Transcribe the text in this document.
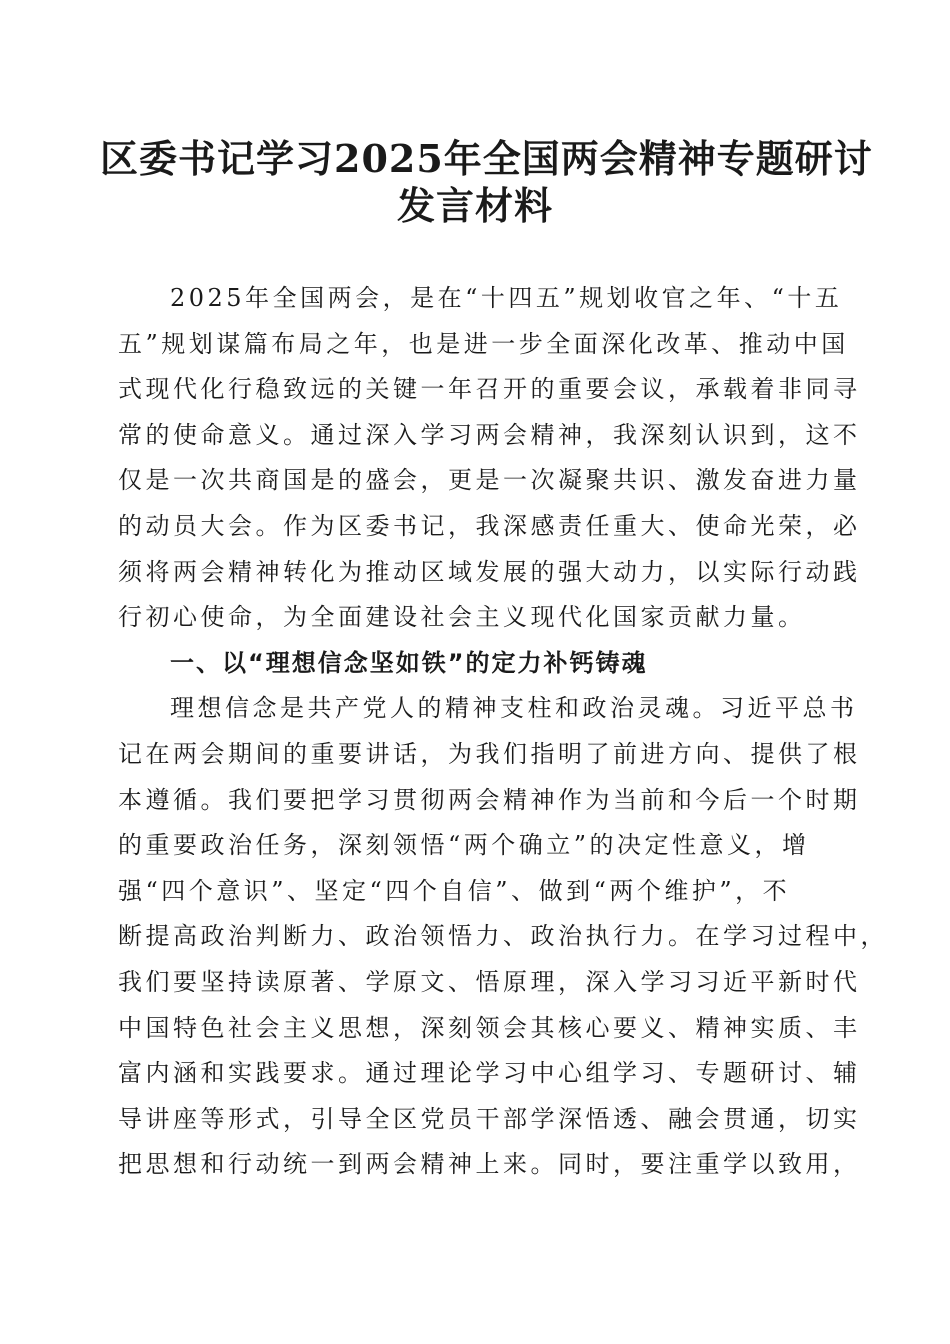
区委书记学习2025年全国两会精神专题研讨
发言材料
2025年全国两会，是在“十四五”规划收官之年、“十五
五”规划谋篇布局之年，也是进一步全面深化改革、推动中国
式现代化行稳致远的关键一年召开的重要会议，承载着非同寻
常的使命意义。通过深入学习两会精神，我深刻认识到，这不
仅是一次共商国是的盛会，更是一次凝聚共识、激发奋进力量
的动员大会。作为区委书记，我深感责任重大、使命光荣，必
须将两会精神转化为推动区域发展的强大动力，以实际行动践
行初心使命，为全面建设社会主义现代化国家贡献力量。
一、以“理想信念坚如铁”的定力补钙铸魂
理想信念是共产党人的精神支柱和政治灵魂。习近平总书
记在两会期间的重要讲话，为我们指明了前进方向、提供了根
本遵循。我们要把学习贯彻两会精神作为当前和今后一个时期
的重要政治任务，深刻领悟“两个确立”的决定性意义，增
强“四个意识”、坚定“四个自信”、做到“两个维护”，不
断提高政治判断力、政治领悟力、政治执行力。在学习过程中，
我们要坚持读原著、学原文、悟原理，深入学习习近平新时代
中国特色社会主义思想，深刻领会其核心要义、精神实质、丰
富内涵和实践要求。通过理论学习中心组学习、专题研讨、辅
导讲座等形式，引导全区党员干部学深悟透、融会贯通，切实
把思想和行动统一到两会精神上来。同时，要注重学以致用，
